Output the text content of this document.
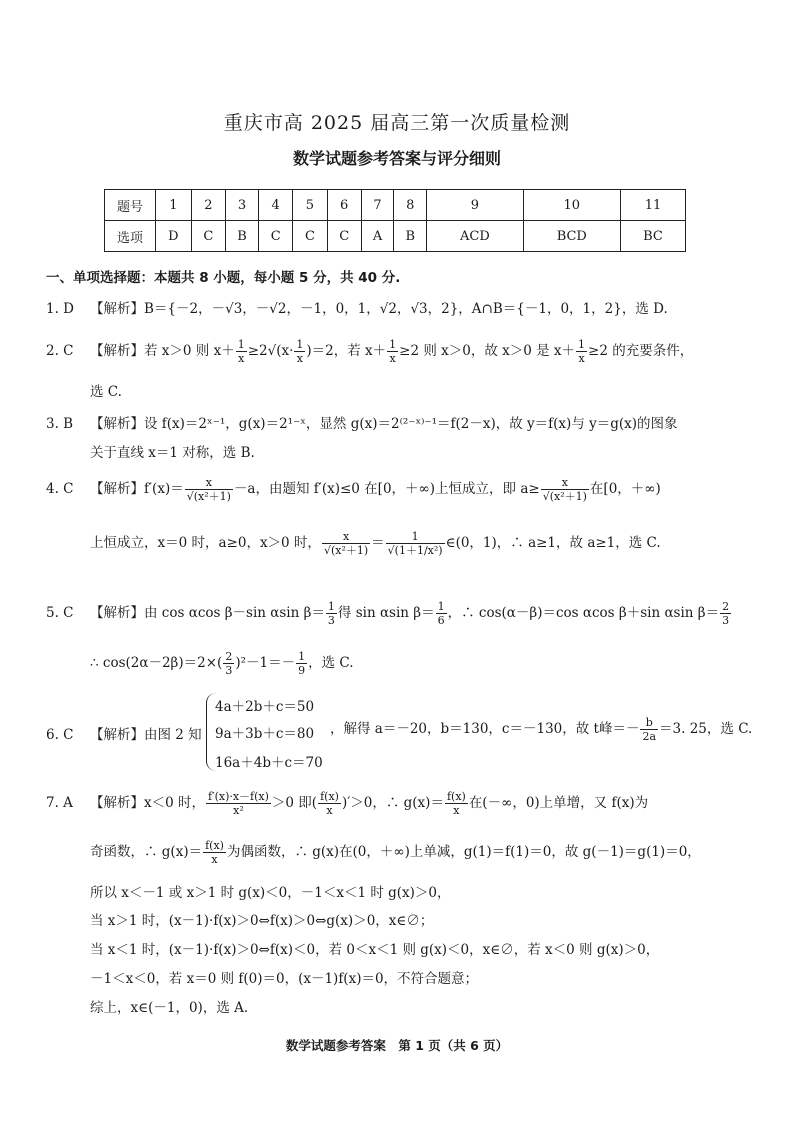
重庆市高 2025 届高三第一次质量检测
数学试题参考答案与评分细则
题号	1	2	3	4	5	6	7	8	9	10	11
选项	D	C	B	C	C	C	A	B	ACD	BCD	BC
一、单项选择题：本题共 8 小题，每小题 5 分，共 40 分.
1. D 【解析】B＝{－2，－√3，－√2，－1，0，1，√2，√3，2}，A∩B＝{－1，0，1，2}，选 D.
2. C 【解析】若 x＞0 则 $x+ \frac{1}{x} \ge 2√(x\cdot \frac{1}{x} )=2$，若 $x+ \frac{1}{x} \ge 2$ 则 x＞0，故 x＞0 是 $x+ \frac{1}{x} \ge 2$ 的充要条件，
选 C.
3. B 【解析】设 f(x)＝2ˣ⁻¹，g(x)＝2¹⁻ˣ，显然 g(x)＝2⁽²⁻ˣ⁾⁻¹＝f(2－x)，故 y＝f(x)与 y＝g(x)的图象
关于直线 x＝1 对称，选 B.
4. C 【解析】$f'(x)= \frac{x}{\text{√(x²＋1)}} -a$，由题知 f′(x)≤0 在[0，＋∞)上恒成立，即 $a\ge \frac{x}{\text{√(x²＋1)}}$ 在[0，＋∞)
上恒成立，x＝0 时，a≥0，x＞0 时， $\frac{x}{\text{√(x²＋1)}} = \frac{1}{\text{√(1＋1/x²)}}$ ∈(0，1)，∴ a≥1，故 a≥1，选 C.
5. C 【解析】由 cos αcos β－sin αsin $\beta= \frac{1}{3}$ 得 sin αsin $\beta= \frac{1}{6}$ ，∴ cos(α－β)＝cos αcos β＋sin αsin $\beta= \frac{2}{3}$
∴ $\cos(2\alpha-2\beta)=2\times( \frac{2}{3} )^2-1=- \frac{1}{9}$ ，选 C.
6. C 【解析】由图 2 知
4a＋2b＋c＝50
9a＋3b＋c＝80
16a＋4b＋c＝70
，解得 a＝－20，b＝130，c＝－130，故 t峰＝－ $\frac{b}{2a} =3$. 25，选 C.
7. A 【解析】x＜0 时， $\frac{f'(x)\cdot x-f(x)}{\text{x²}} >0$ 即( $\frac{f(x)}{x} )'>0$，∴ $g(x)= \frac{f(x)}{x}$ 在(－∞，0)上单增，又 f(x)为
奇函数，∴ $g(x)= \frac{f(x)}{x}$ 为偶函数，∴ g(x)在(0，＋∞)上单减，g(1)＝f(1)＝0，故 g(－1)＝g(1)＝0，
所以 x＜－1 或 x＞1 时 g(x)＜0，－1＜x＜1 时 g(x)＞0，
当 x＞1 时，(x－1)·f(x)＞0⇔f(x)＞0⇔g(x)＞0，x∈∅；
当 x＜1 时，(x－1)·f(x)＞0⇔f(x)＜0，若 0＜x＜1 则 g(x)＜0，x∈∅，若 x＜0 则 g(x)＞0，
－1＜x＜0，若 x＝0 则 f(0)＝0，(x－1)f(x)＝0，不符合题意；
综上，x∈(－1，0)，选 A.
数学试题参考答案　第 1 页（共 6 页）
